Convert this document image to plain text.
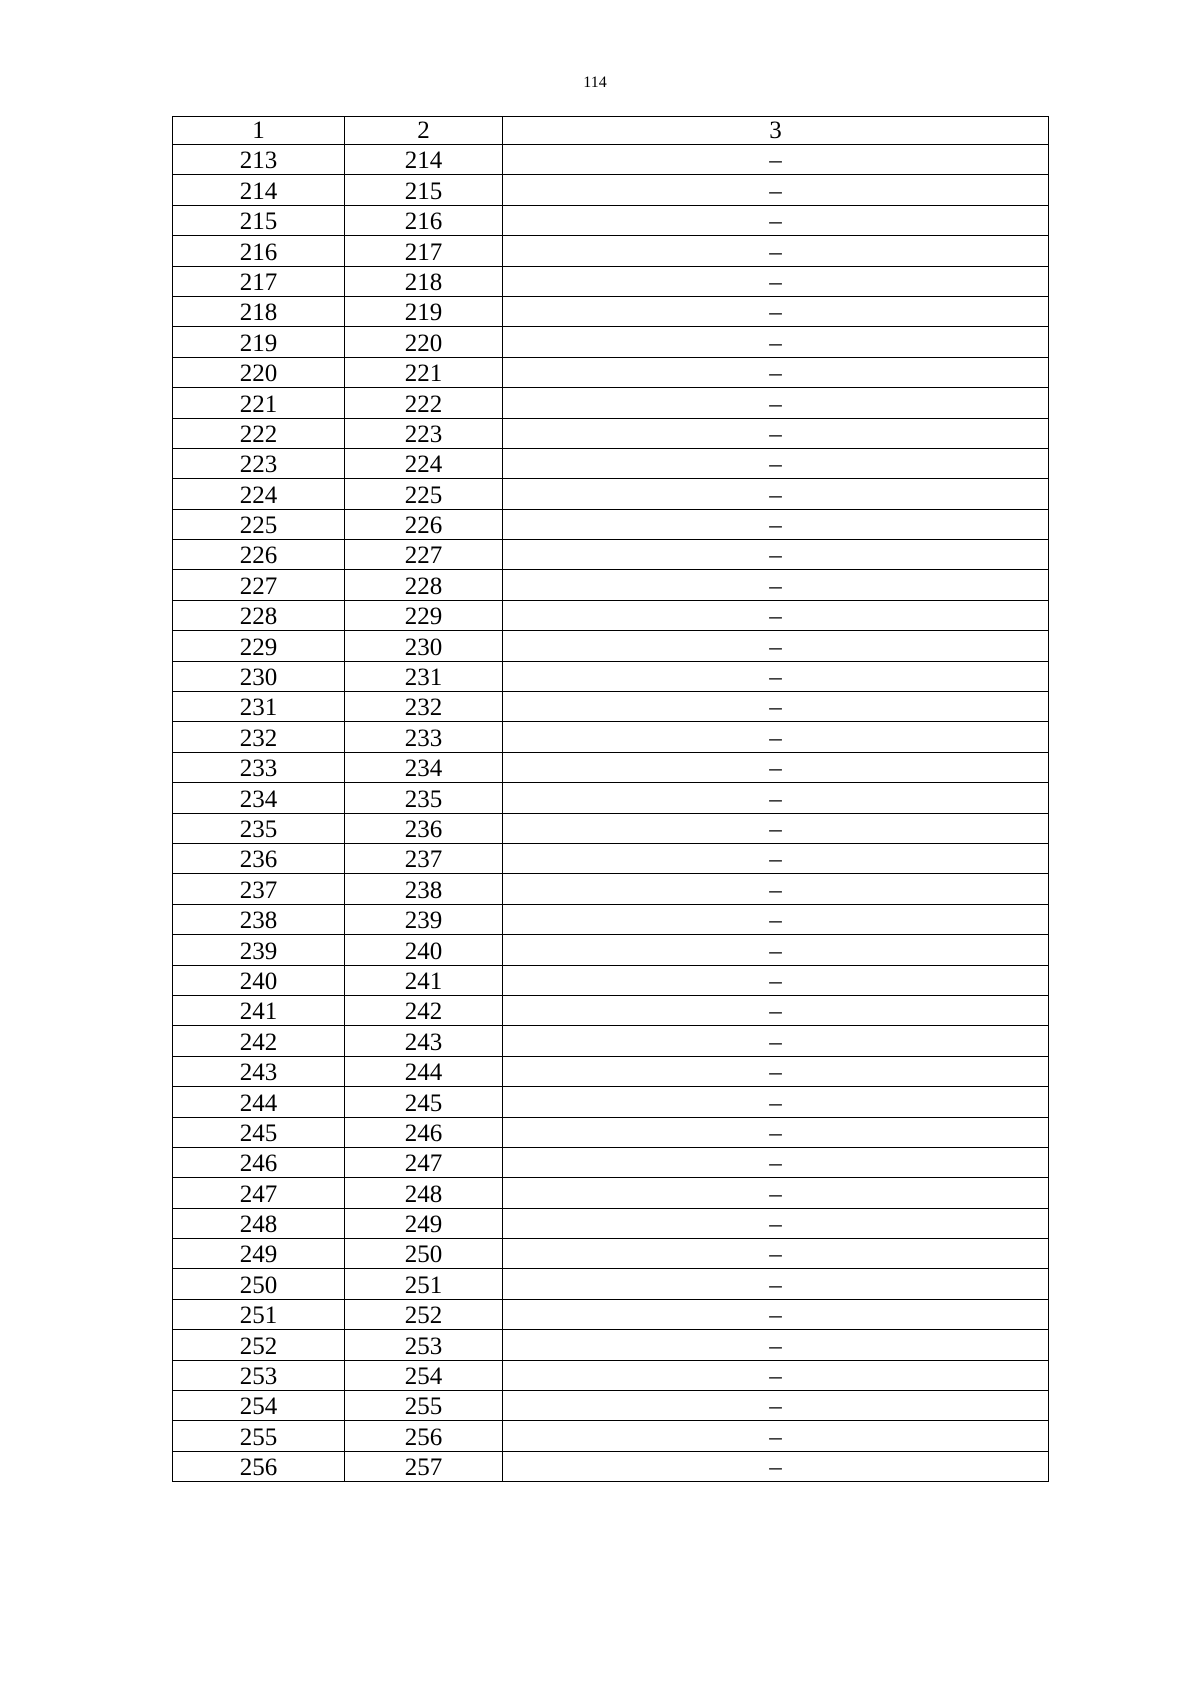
114
1	2	3
213	214	–
214	215	–
215	216	–
216	217	–
217	218	–
218	219	–
219	220	–
220	221	–
221	222	–
222	223	–
223	224	–
224	225	–
225	226	–
226	227	–
227	228	–
228	229	–
229	230	–
230	231	–
231	232	–
232	233	–
233	234	–
234	235	–
235	236	–
236	237	–
237	238	–
238	239	–
239	240	–
240	241	–
241	242	–
242	243	–
243	244	–
244	245	–
245	246	–
246	247	–
247	248	–
248	249	–
249	250	–
250	251	–
251	252	–
252	253	–
253	254	–
254	255	–
255	256	–
256	257	–
